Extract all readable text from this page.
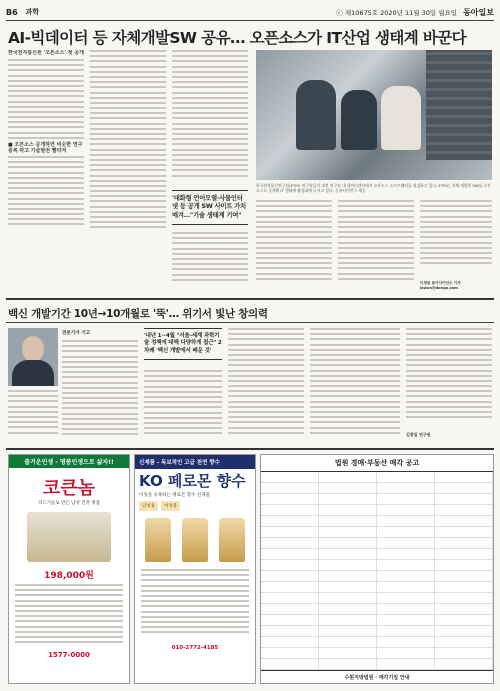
B6 과학	ⓒ 제10675호 2020년 11월 30일 월요일 동아일보
AI-빅데이터 등 자체개발SW 공유… 오픈소스가 IT산업 생태계 바꾼다
한국전자통신원 '오픈소스' 첫 공개
■ 오픈소스 공개하면 비슷한 연구 중복 막고 기술발전 빨라져
'대화형 언어모델·사물인터넷 등 공개 SW 사이트 가치 매겨…"기술 생태계 기여"
한국전자통신연구원(ETRI) 연구원들이 대전 연구원 내 데이터센터에서 오픈소스 소프트웨어를 점검하고 있다. ETRI는 자체 개발한 SW를 오픈소스로 공개해 IT 생태계 활성화에 나서고 있다. 동아사이언스 제공
이재원 동아사이언스 기자 jawon@donga.com
백신 개발기간 10년→10개월로 '뚝'… 위기서 빛난 창의력
전문가가 기고	'내년 1~4월 "서울-세계 과학기술 정책에 대해 다양하게 접근" 2차례 '백신 개발에서 배운 것'
김광일 연구원
즐거운인생 - 명품인생으로 삶자!!
코큰놈
리드기술로 만든 남성 건강 명품
198,000원
1577-0000
신제품 - 독보적인 고급 천연 향수
KO 페로몬 향수
이성을 유혹하는 페로몬 향수 신제품
남성용	여성용
010-2772-4185
법원 경매·부동산 매각 공고
수원지방법원 · 매각기일 안내
